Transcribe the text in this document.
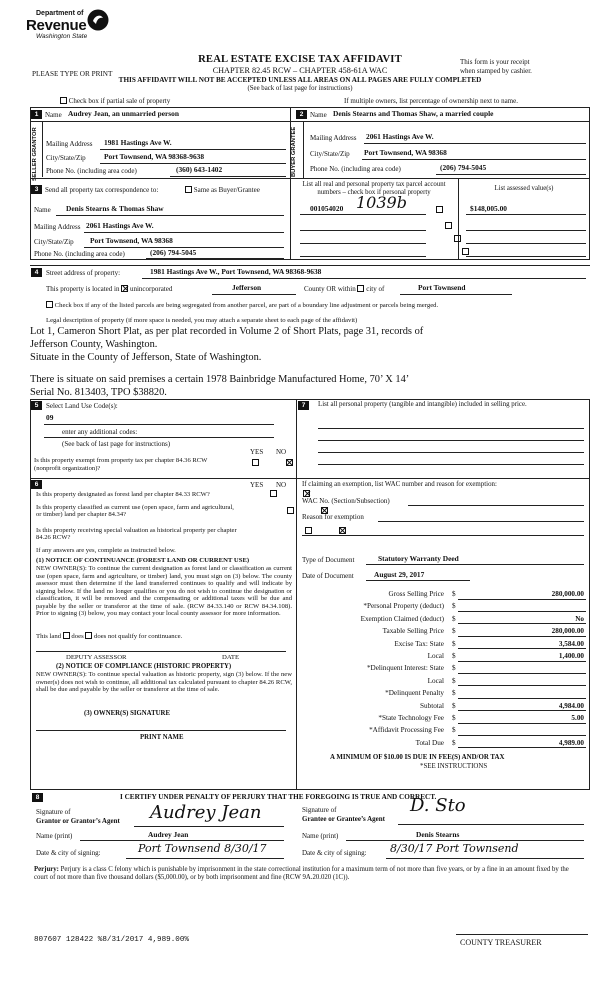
Department of
Revenue
Washington State
REAL ESTATE EXCISE TAX AFFIDAVIT
CHAPTER 82.45 RCW – CHAPTER 458-61A WAC
THIS AFFIDAVIT WILL NOT BE ACCEPTED UNLESS ALL AREAS ON ALL PAGES ARE FULLY COMPLETED
(See back of last page for instructions)
PLEASE TYPE OR PRINT
This form is your receipt
when stamped by cashier.
Check box if partial sale of property	If multiple owners, list percentage of ownership next to name.
1 Name Audrey Jean, an unmarried person
SELLER GRANTOR Mailing Address 1981 Hastings Ave W.
City/State/Zip Port Townsend, WA 98368-9638
Phone No. (including area code)	(360) 643-1402
2 Name Denis Stearns and Thomas Shaw, a married couple
BUYER GRANTEE Mailing Address 2061 Hastings Ave W.
City/State/Zip Port Townsend, WA 98368
Phone No. (including area code)	(206) 794-5045
3 Send all property tax correspondence to:	Same as Buyer/Grantee
Name Denis Stearns & Thomas Shaw
Mailing Address 2061 Hastings Ave W.
City/State/Zip Port Townsend, WA 98368
Phone No. (including area code)	(206) 794-5045
List all real and personal property tax parcel account numbers – check box if personal property
List assessed value(s)
001054020 1039b	$148,005.00

4	Street address of property:	1981 Hastings Ave W., Port Townsend, WA 98368-9638
This property is located in unincorporated	Jefferson	County OR within city of	Port Townsend
Check box if any of the listed parcels are being segregated from another parcel, are part of a boundary line adjustment or parcels being merged.
Legal description of property (if more space is needed, you may attach a separate sheet to each page of the affidavit)
Lot 1, Cameron Short Plat, as per plat recorded in Volume 2 of Short Plats, page 31, records of
Jefferson County, Washington.
Situate in the County of Jefferson, State of Washington.
There is situate on said premises a certain 1978 Bainbridge Manufactured Home, 70’ X 14’
Serial No. 813403, TPO $38820.
5	Select Land Use Code(s):
09
enter any additional codes:
(See back of last page for instructions)
YES NO
Is this property exempt from property tax per chapter 84.36 RCW (nonprofit organization)?

6	YES NO
Is this property designated as forest land per chapter 84.33 RCW?

Is this property classified as current use (open space, farm and agricultural, or timber) land per chapter 84.34?

Is this property receiving special valuation as historical property per chapter 84.26 RCW?

If any answers are yes, complete as instructed below.
(1) NOTICE OF CONTINUANCE (FOREST LAND OR CURRENT USE)
NEW OWNER(S): To continue the current designation as forest land or classification as current use (open space, farm and agriculture, or timber) land, you must sign on (3) below. The county assessor must then determine if the land transferred continues to qualify and will indicate by signing below. If the land no longer qualifies or you do not wish to continue the designation or classification, it will be removed and the compensating or additional taxes will be due and payable by the seller or transferor at the time of sale. (RCW 84.33.140 or RCW 84.34.108). Prior to signing (3) below, you may contact your local county assessor for more information.
This land does does not qualify for continuance.
DEPUTY ASSESSOR	DATE
(2) NOTICE OF COMPLIANCE (HISTORIC PROPERTY)
NEW OWNER(S): To continue special valuation as historic property, sign (3) below. If the new owner(s) does not wish to continue, all additional tax calculated pursuant to chapter 84.26 RCW, shall be due and payable by the seller or transferor at the time of sale.
(3) OWNER(S) SIGNATURE
PRINT NAME
7	List all personal property (tangible and intangible) included in selling price.
If claiming an exemption, list WAC number and reason for exemption:
WAC No. (Section/Subsection)
Reason for exemption
Type of Document	Statutory Warranty Deed
Date of Document	August 29, 2017
Gross Selling Price $	280,000.00
*Personal Property (deduct) $
Exemption Claimed (deduct) $	No
Taxable Selling Price $	280,000.00
Excise Tax: State $	3,584.00
Local $	1,400.00
*Delinquent Interest: State $
Local $
*Delinquent Penalty $
Subtotal $	4,984.00
*State Technology Fee $	5.00
*Affidavit Processing Fee $
Total Due $	4,989.00
A MINIMUM OF $10.00 IS DUE IN FEE(S) AND/OR TAX
*SEE INSTRUCTIONS
8	I CERTIFY UNDER PENALTY OF PERJURY THAT THE FOREGOING IS TRUE AND CORRECT.
Signature of
Grantor or Grantor’s Agent Audrey Jean
Name (print)	Audrey Jean
Date & city of signing:	Port Townsend 8/30/17
Signature of
Grantee or Grantee’s Agent
D. Sto
Name (print)	Denis Stearns
Date & city of signing: 8/30/17 Port Townsend
Perjury: Perjury is a class C felony which is punishable by imprisonment in the state correctional institution for a maximum term of not more than five years, or by a fine in an amount fixed by the court of not more than five thousand dollars ($5,000.00), or by both imprisonment and fine (RCW 9A.20.020 (1C)).
807607 128422 %8/31/2017 4,989.00%	COUNTY TREASURER
